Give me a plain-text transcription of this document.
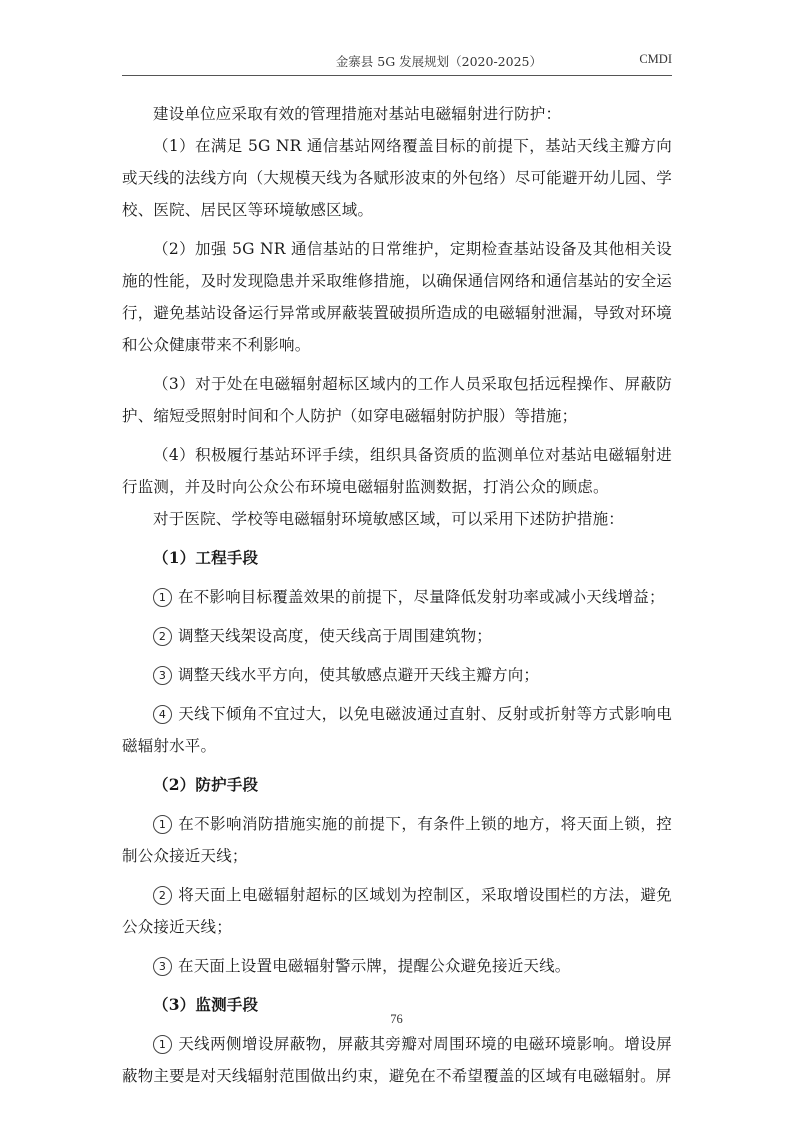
金寨县 5G 发展规划（2020-2025）	CMDI

建设单位应采取有效的管理措施对基站电磁辐射进行防护：

（1）在满足 5G NR 通信基站网络覆盖目标的前提下，基站天线主瓣方向或天线的法线方向（大规模天线为各赋形波束的外包络）尽可能避开幼儿园、学校、医院、居民区等环境敏感区域。

（2）加强 5G NR 通信基站的日常维护，定期检查基站设备及其他相关设施的性能，及时发现隐患并采取维修措施，以确保通信网络和通信基站的安全运行，避免基站设备运行异常或屏蔽装置破损所造成的电磁辐射泄漏，导致对环境和公众健康带来不利影响。

（3）对于处在电磁辐射超标区域内的工作人员采取包括远程操作、屏蔽防护、缩短受照射时间和个人防护（如穿电磁辐射防护服）等措施；

（4）积极履行基站环评手续，组织具备资质的监测单位对基站电磁辐射进行监测，并及时向公众公布环境电磁辐射监测数据，打消公众的顾虑。

对于医院、学校等电磁辐射环境敏感区域，可以采用下述防护措施：

（1）工程手段

1 在不影响目标覆盖效果的前提下，尽量降低发射功率或减小天线增益；

2 调整天线架设高度，使天线高于周围建筑物；

3 调整天线水平方向，使其敏感点避开天线主瓣方向；

4 天线下倾角不宜过大，以免电磁波通过直射、反射或折射等方式影响电磁辐射水平。

（2）防护手段

1 在不影响消防措施实施的前提下，有条件上锁的地方，将天面上锁，控制公众接近天线；

2 将天面上电磁辐射超标的区域划为控制区，采取增设围栏的方法，避免公众接近天线；

3 在天面上设置电磁辐射警示牌，提醒公众避免接近天线。

（3）监测手段

1 天线两侧增设屏蔽物，屏蔽其旁瓣对周围环境的电磁环境影响。增设屏蔽物主要是对天线辐射范围做出约束，避免在不希望覆盖的区域有电磁辐射。屏

76
